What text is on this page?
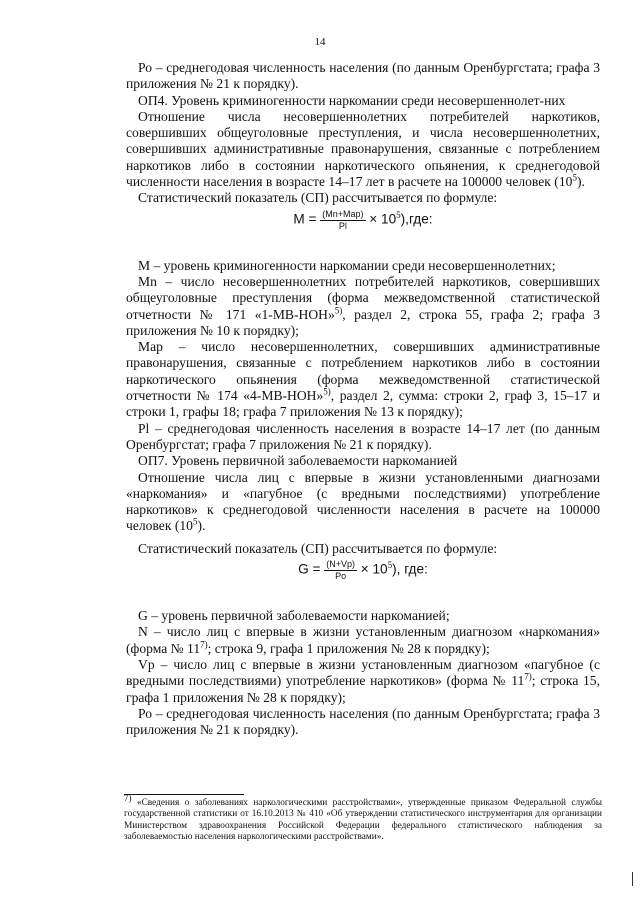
14

Ро – среднегодовая численность населения (по данным Оренбургстата; графа 3 приложения № 21 к порядку).

ОП4. Уровень криминогенности наркомании среди несовершеннолет-них

Отношение числа несовершеннолетних потребителей наркотиков, совершивших общеуголовные преступления, и числа несовершеннолетних, совершивших административные правонарушения, связанные с потреблением наркотиков либо в состоянии наркотического опьянения, к среднегодовой численности населения в возрасте 14–17 лет в расчете на 100000 человек $(10^5)$.

Статистический показатель (СП) рассчитывается по формуле:

$M = \frac{\text{(Mn+Map)}}{Pl} \times 10^5),где$:

М – уровень криминогенности наркомании среди несовершеннолетних;

Mn – число несовершеннолетних потребителей наркотиков, совершивших общеуголовные преступления (форма межведомственной статистической отчетности № 171 «1-МВ-НОН»$^{5)}$, раздел 2, строка 55, графа 2; графа 3 приложения № 10 к порядку);

Мар – число несовершеннолетних, совершивших административные правонарушения, связанные с потреблением наркотиков либо в состоянии наркотического опьянения (форма межведомственной статистической отчетности № 174 «4-МВ-НОН»$^{5)}$, раздел 2, сумма: строки 2, граф 3, 15–17 и строки 1, графы 18; графа 7 приложения № 13 к порядку);

Pl – среднегодовая численность населения в возрасте 14–17 лет (по данным Оренбургстат; графа 7 приложения № 21 к порядку).

ОП7. Уровень первичной заболеваемости наркоманией

Отношение числа лиц с впервые в жизни установленными диагнозами «наркомания» и «пагубное (с вредными последствиями) употребление наркотиков» к среднегодовой численности населения в расчете на 100000 человек $(10^5)$.

Статистический показатель (СП) рассчитывается по формуле:

$G = \frac{(N+Vp)}{Po} \times 10^5$), где:

G – уровень первичной заболеваемости наркоманией;

N – число лиц с впервые в жизни установленным диагнозом «наркомания» (форма № 11$^{7)}$; строка 9, графа 1 приложения № 28 к порядку);

Vp – число лиц с впервые в жизни установленным диагнозом «пагубное (с вредными последствиями) употребление наркотиков» (форма № 11$^{7)}$; строка 15, графа 1 приложения № 28 к порядку);

Ро – среднегодовая численность населения (по данным Оренбургстата; графа 3 приложения № 21 к порядку).

$^{7)}$ «Сведения о заболеваниях наркологическими расстройствами», утвержденные приказом Федеральной службы государственной статистики от 16.10.2013 № 410 «Об утверждении статистического инструментария для организации Министерством здравоохранения Российской Федерации федерального статистического наблюдения за заболеваемостью населения наркологическими расстройствами».
